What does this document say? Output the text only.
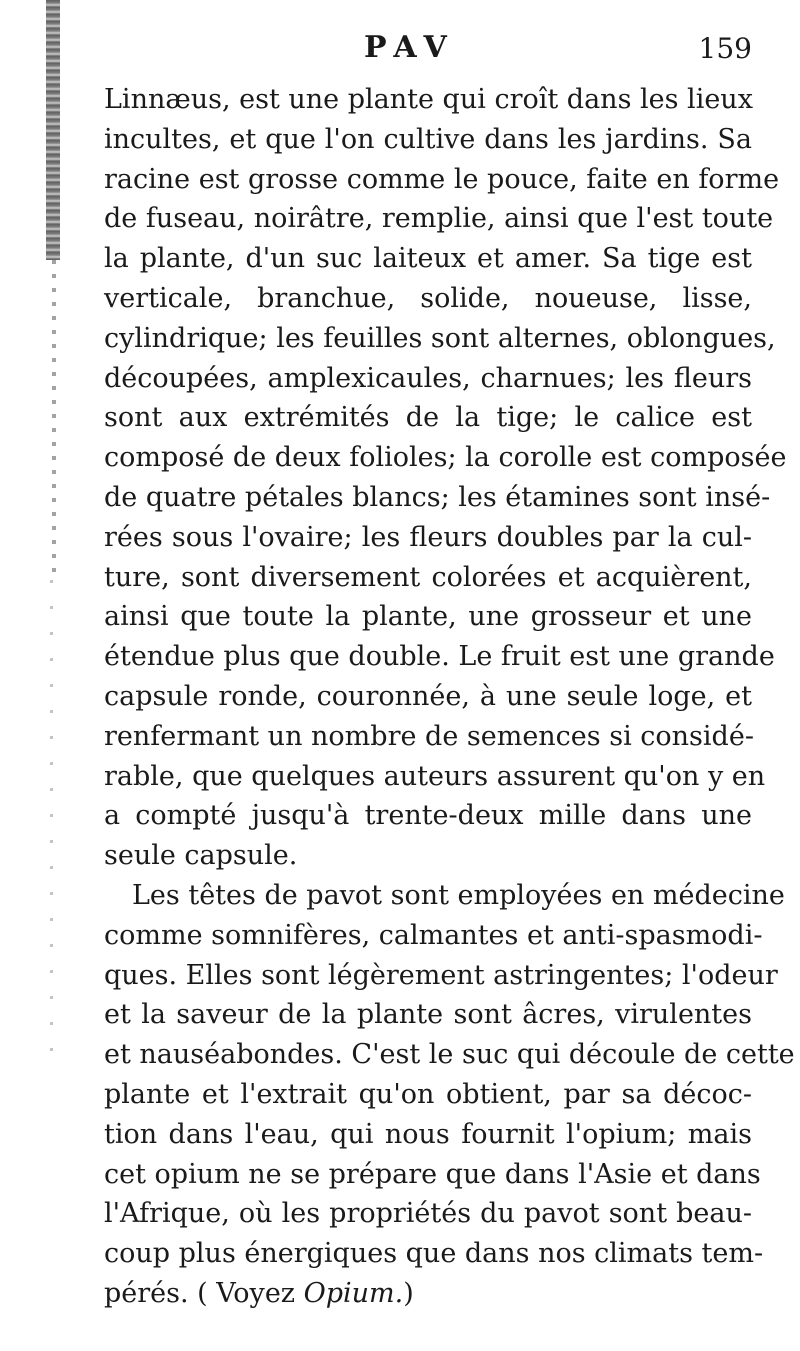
PAV	159
Linnæus, est une plante qui croît dans les lieux
incultes, et que l'on cultive dans les jardins. Sa
racine est grosse comme le pouce, faite en forme
de fuseau, noirâtre, remplie, ainsi que l'est toute
la plante, d'un suc laiteux et amer. Sa tige est
verticale, branchue, solide, noueuse, lisse,
cylindrique; les feuilles sont alternes, oblongues,
découpées, amplexicaules, charnues; les fleurs
sont aux extrémités de la tige; le calice est
composé de deux folioles; la corolle est composée
de quatre pétales blancs; les étamines sont insé-
rées sous l'ovaire; les fleurs doubles par la cul-
ture, sont diversement colorées et acquièrent,
ainsi que toute la plante, une grosseur et une
étendue plus que double. Le fruit est une grande
capsule ronde, couronnée, à une seule loge, et
renfermant un nombre de semences si considé-
rable, que quelques auteurs assurent qu'on y en
a compté jusqu'à trente-deux mille dans une
seule capsule.
Les têtes de pavot sont employées en médecine
comme somnifères, calmantes et anti-spasmodi-
ques. Elles sont légèrement astringentes; l'odeur
et la saveur de la plante sont âcres, virulentes
et nauséabondes. C'est le suc qui découle de cette
plante et l'extrait qu'on obtient, par sa décoc-
tion dans l'eau, qui nous fournit l'opium; mais
cet opium ne se prépare que dans l'Asie et dans
l'Afrique, où les propriétés du pavot sont beau-
coup plus énergiques que dans nos climats tem-
pérés. ( Voyez Opium.)
